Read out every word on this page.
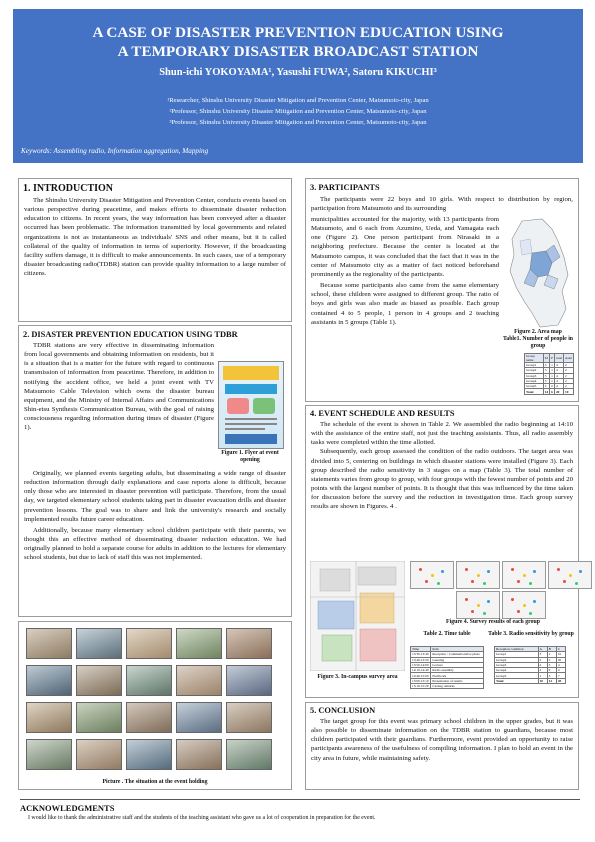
A CASE OF DISASTER PREVENTION EDUCATION USING
A TEMPORARY DISASTER BROADCAST STATION
Shun-ichi YOKOYAMA¹, Yasushi FUWA², Satoru KIKUCHI³
¹Researcher, Shinshu University Disaster Mitigation and Prevention Center, Matsumoto-city, Japan
²Professor, Shinshu University Disaster Mitigation and Prevention Center, Matsumoto-city, Japan
³Professor, Shinshu University Disaster Mitigation and Prevention Center, Matsumoto-city, Japan
Keywords: Assembling radio, Information aggregation, Mapping
1. INTRODUCTION

The Shinshu University Disaster Mitigation and Prevention Center, conducts events based on various perspective during peacetime, and makes efforts to disseminate disaster reduction education to citizens. In recent years, the way information has been conveyed after a disaster occurred has been problematic. The information transmitted by local governments and related organizations is not as instantaneous as individuals' SNS and other means, but it is called collateral of the quality of information in terms of superiority. However, if the broadcasting facility suffers damage, it is difficult to make announcements. In such cases, use of a temporary disaster broadcasting radio(TDBR) station can provide quality information to a large number of citizens.

2. DISASTER PREVENTION EDUCATION USING TDBR

TDBR stations are very effective in disseminating information from local governments and obtaining information on residents, but it is a situation that is a matter for the future with regard to continuous transmission of information from peacetime. Therefore, in addition to notifying the accident office, we held a joint event with TV Matsumoto Cable Television which owns the disaster bureau equipment, and the Ministry of Internal Affairs and Communications Shin-etsu Synthesis Communication Bureau, with the goal of raising consciousness regarding information during times of disaster (Figure 1).

Figure 1. Flyer at event opening

Originally, we planned events targeting adults, but disseminating a wide range of disaster reduction information through daily explanations and case reports alone is difficult, because only those who are interested in disaster prevention will participate. Therefore, from the usual day, we targeted elementary school students taking part in disaster evacuation drills and disaster prevention lessons. The goal was to share and link the university's research and socially implemented results future career education.

Additionally, because many elementary school children participate with their parents, we thought this an effective method of disseminating disaster reduction education. We had originally planned to hold a separate course for adults in addition to the lectures for elementary school students, but due to lack of staff this was not implemented.

Picture . The situation at the event holding
3. PARTICIPANTS

The participants were 22 boys and 10 girls. With respect to distribution by region, participation from Matsumoto and its surrounding

municipalities accounted for the majority, with 13 participants from Matsumoto, and 6 each from Azumino, Ueda, and Yamagata each one (Figure 2). One person participant from Nirasaki in a neighboring prefecture. Because the center is located at the Matsumoto campus, it was concluded that the fact that it was in the center of Matsumoto city as a matter of fact noticed beforehand prominently as the regionality of the participants.

Because some participants also came from the same elementary school, these children were assigned to different group. The ratio of boys and girls was also made as biased as possible. Each group contained 4 to 5 people, 1 person in 4 groups and 2 teaching assistants in 5 groups (Table 1).

Figure 2. Area map
Table1. Number of people in group
Group name	M	F	total	Assit
Group1	3	1	4	2
Group2	3	1	4	2
Group3	3	1	4	2
Group4	3	1	4	2
Group5	2	2	4	2
Total	14	6	20	10
4. EVENT SCHEDULE AND RESULTS

The schedule of the event is shown in Table 2. We assembled the radio beginning at 14:10 with the assistance of the entire staff, not just the teaching assistants. Thus, all radio assembly tasks were completed within the time allotted.

Subsequently, each group assessed the condition of the radio outdoors. The target area was divided into 5, centering on buildings in which disaster stations were installed (Figure 3). Each group described the radio sensitivity in 3 stages on a map (Table 3). The total number of statements varies from group to group, with four groups with the fewest number of points and 20 points with the largest number of points. It is thought that this was influenced by the time taken for discussion before the survey and the reduction in investigation time. Each group survey results are shown in Figures. 4 .

Figure 3. In-campus survey area
Figure 4. Survey results of each group
Table 2. Time table	Table 3. Radio sensitivity by group
Time	Item
13:30-13:40	Reception / Commemorative photo
13:40-13:50	Greeting
13:50-14:00	Lecture
14:10-14:40	Radio assembly
14:40-15:00	Fieldwork
15:00-15:10	Presentation of results
15:10-15:20	Closing remarks
Reception condition	A	B	C
Group1	3	1	10
Group2	2	5	20
Group3	2	3	4
Group4	2	0	4
Group5	1	3	7
Total	10	12	45
5. CONCLUSION

The target group for this event was primary school children in the upper grades, but it was also possible to disseminate information on the TDBR station to guardians, because most children participated with their guardians. Furthermore, event provided an opportunity to raise participants awareness of the usefulness of compiling information. I plan to hold an event in the city area in future, while maintaining safety.

ACKNOWLEDGMENTS
I would like to thank the administrative staff and the students of the teaching assistant who gave us a lot of cooperation in preparation for the event.
